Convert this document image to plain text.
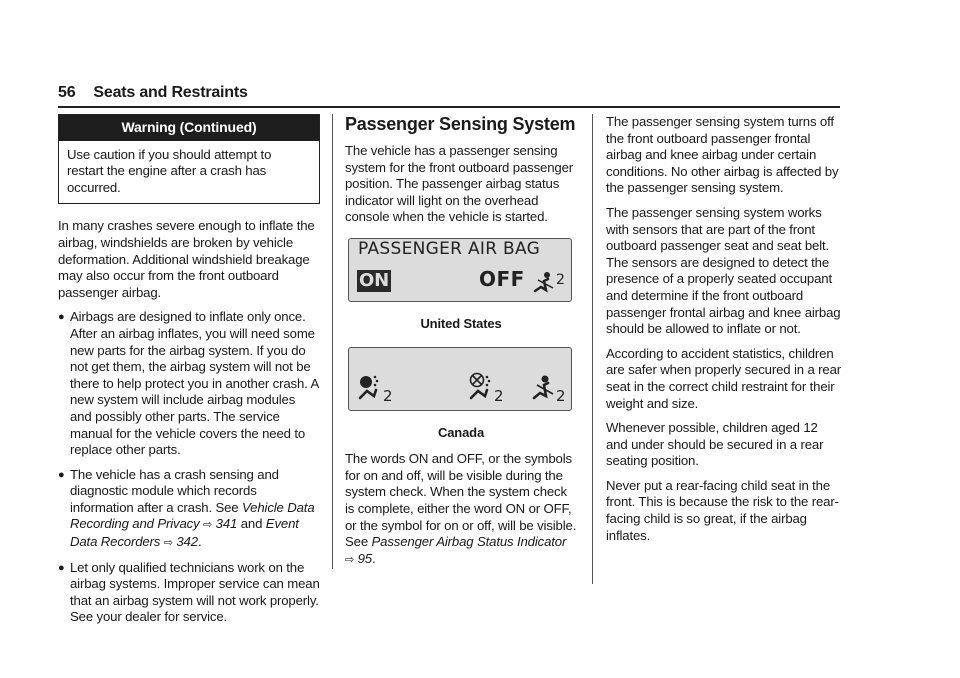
56 Seats and Restraints
Warning (Continued)
Use caution if you should attempt to restart the engine after a crash has occurred.

In many crashes severe enough to inflate the airbag, windshields are broken by vehicle deformation. Additional windshield breakage may also occur from the front outboard passenger airbag.

● Airbags are designed to inflate only once. After an airbag inflates, you will need some new parts for the airbag system. If you do not get them, the airbag system will not be there to help protect you in another crash. A new system will include airbag modules and possibly other parts. The service manual for the vehicle covers the need to replace other parts.
● The vehicle has a crash sensing and diagnostic module which records information after a crash. See Vehicle Data Recording and Privacy ⇨ 341 and Event Data Recorders ⇨ 342.
● Let only qualified technicians work on the airbag systems. Improper service can mean that an airbag system will not work properly. See your dealer for service.
Passenger Sensing System

The vehicle has a passenger sensing system for the front outboard passenger position. The passenger airbag status indicator will light on the overhead console when the vehicle is started.

PASSENGER AIR BAG
ON	OFF 2
United States
2	2	2
Canada

The words ON and OFF, or the symbols for on and off, will be visible during the system check. When the system check is complete, either the word ON or OFF, or the symbol for on or off, will be visible. See Passenger Airbag Status Indicator ⇨ 95.

The passenger sensing system turns off the front outboard passenger frontal airbag and knee airbag under certain conditions. No other airbag is affected by the passenger sensing system.

The passenger sensing system works with sensors that are part of the front outboard passenger seat and seat belt. The sensors are designed to detect the presence of a properly seated occupant and determine if the front outboard passenger frontal airbag and knee airbag should be allowed to inflate or not.

According to accident statistics, children are safer when properly secured in a rear seat in the correct child restraint for their weight and size.

Whenever possible, children aged 12 and under should be secured in a rear seating position.

Never put a rear-facing child seat in the front. This is because the risk to the rear-facing child is so great, if the airbag inflates.
